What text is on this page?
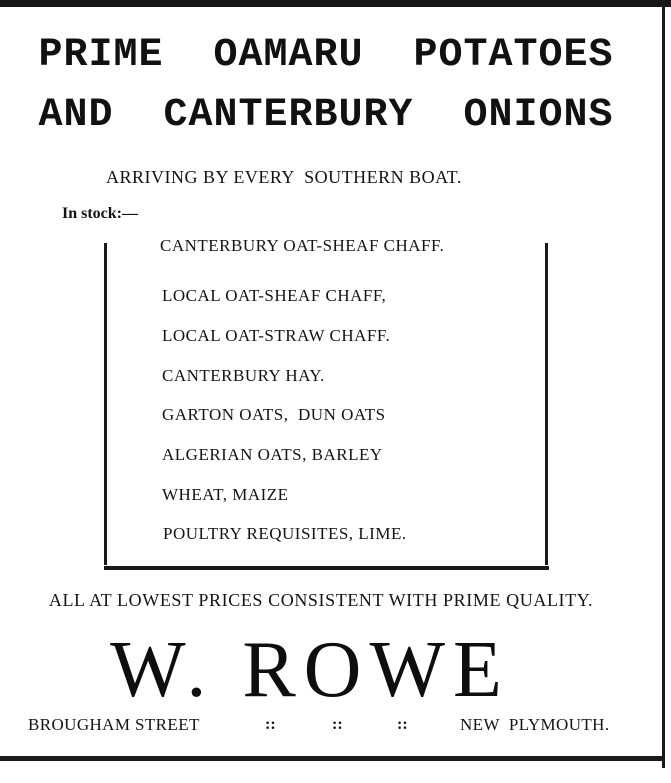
PRIME  OAMARU  POTATOES
AND  CANTERBURY  ONIONS
ARRIVING BY EVERY  SOUTHERN BOAT.
In stock:—
CANTERBURY OAT-SHEAF CHAFF.
LOCAL OAT-SHEAF CHAFF,
LOCAL OAT-STRAW CHAFF.
CANTERBURY HAY.
GARTON OATS,  DUN OATS
ALGERIAN OATS, BARLEY
WHEAT, MAIZE
POULTRY REQUISITES, LIME.
ALL AT LOWEST PRICES CONSISTENT WITH PRIME QUALITY.
W. ROWE
BROUGHAM STREET	::	::	::	NEW  PLYMOUTH.
